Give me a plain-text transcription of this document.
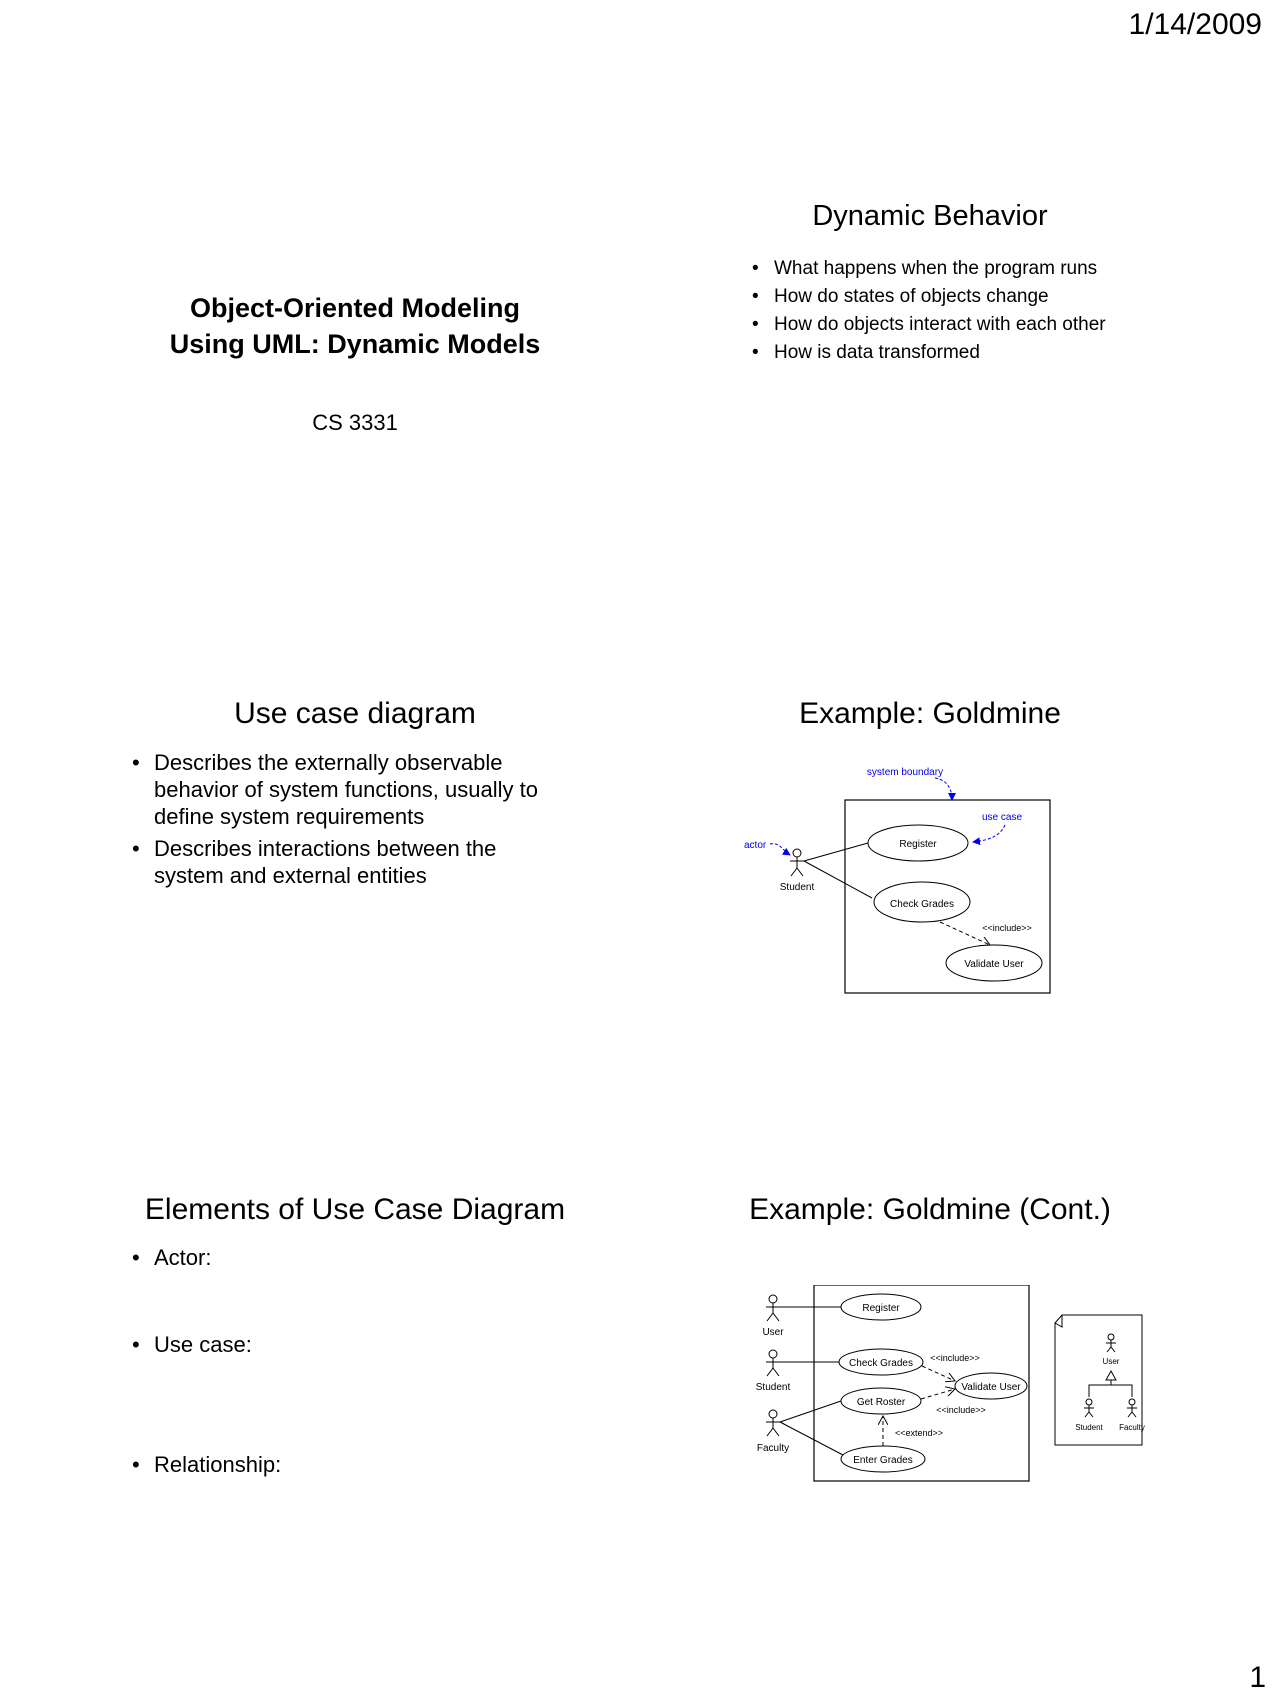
1/14/2009
1
Object-Oriented Modeling
Using UML: Dynamic Models
CS 3331
Dynamic Behavior
• What happens when the program runs
• How do states of objects change
• How do objects interact with each other
• How is data transformed
Use case diagram
• Describes the externally observable behavior of system functions, usually to define system requirements
• Describes interactions between the system and external entities
Example: Goldmine
system boundary
use case
actor
Student
Register
Check Grades
<<include>>
Validate User
Elements of Use Case Diagram
• Actor:
• Use case:
• Relationship:
Example: Goldmine (Cont.)
User
Student
Faculty
Register
Check Grades
Validate User
Get Roster
Enter Grades
<<include>>
<<include>>
<<extend>>
User
Student Faculty
